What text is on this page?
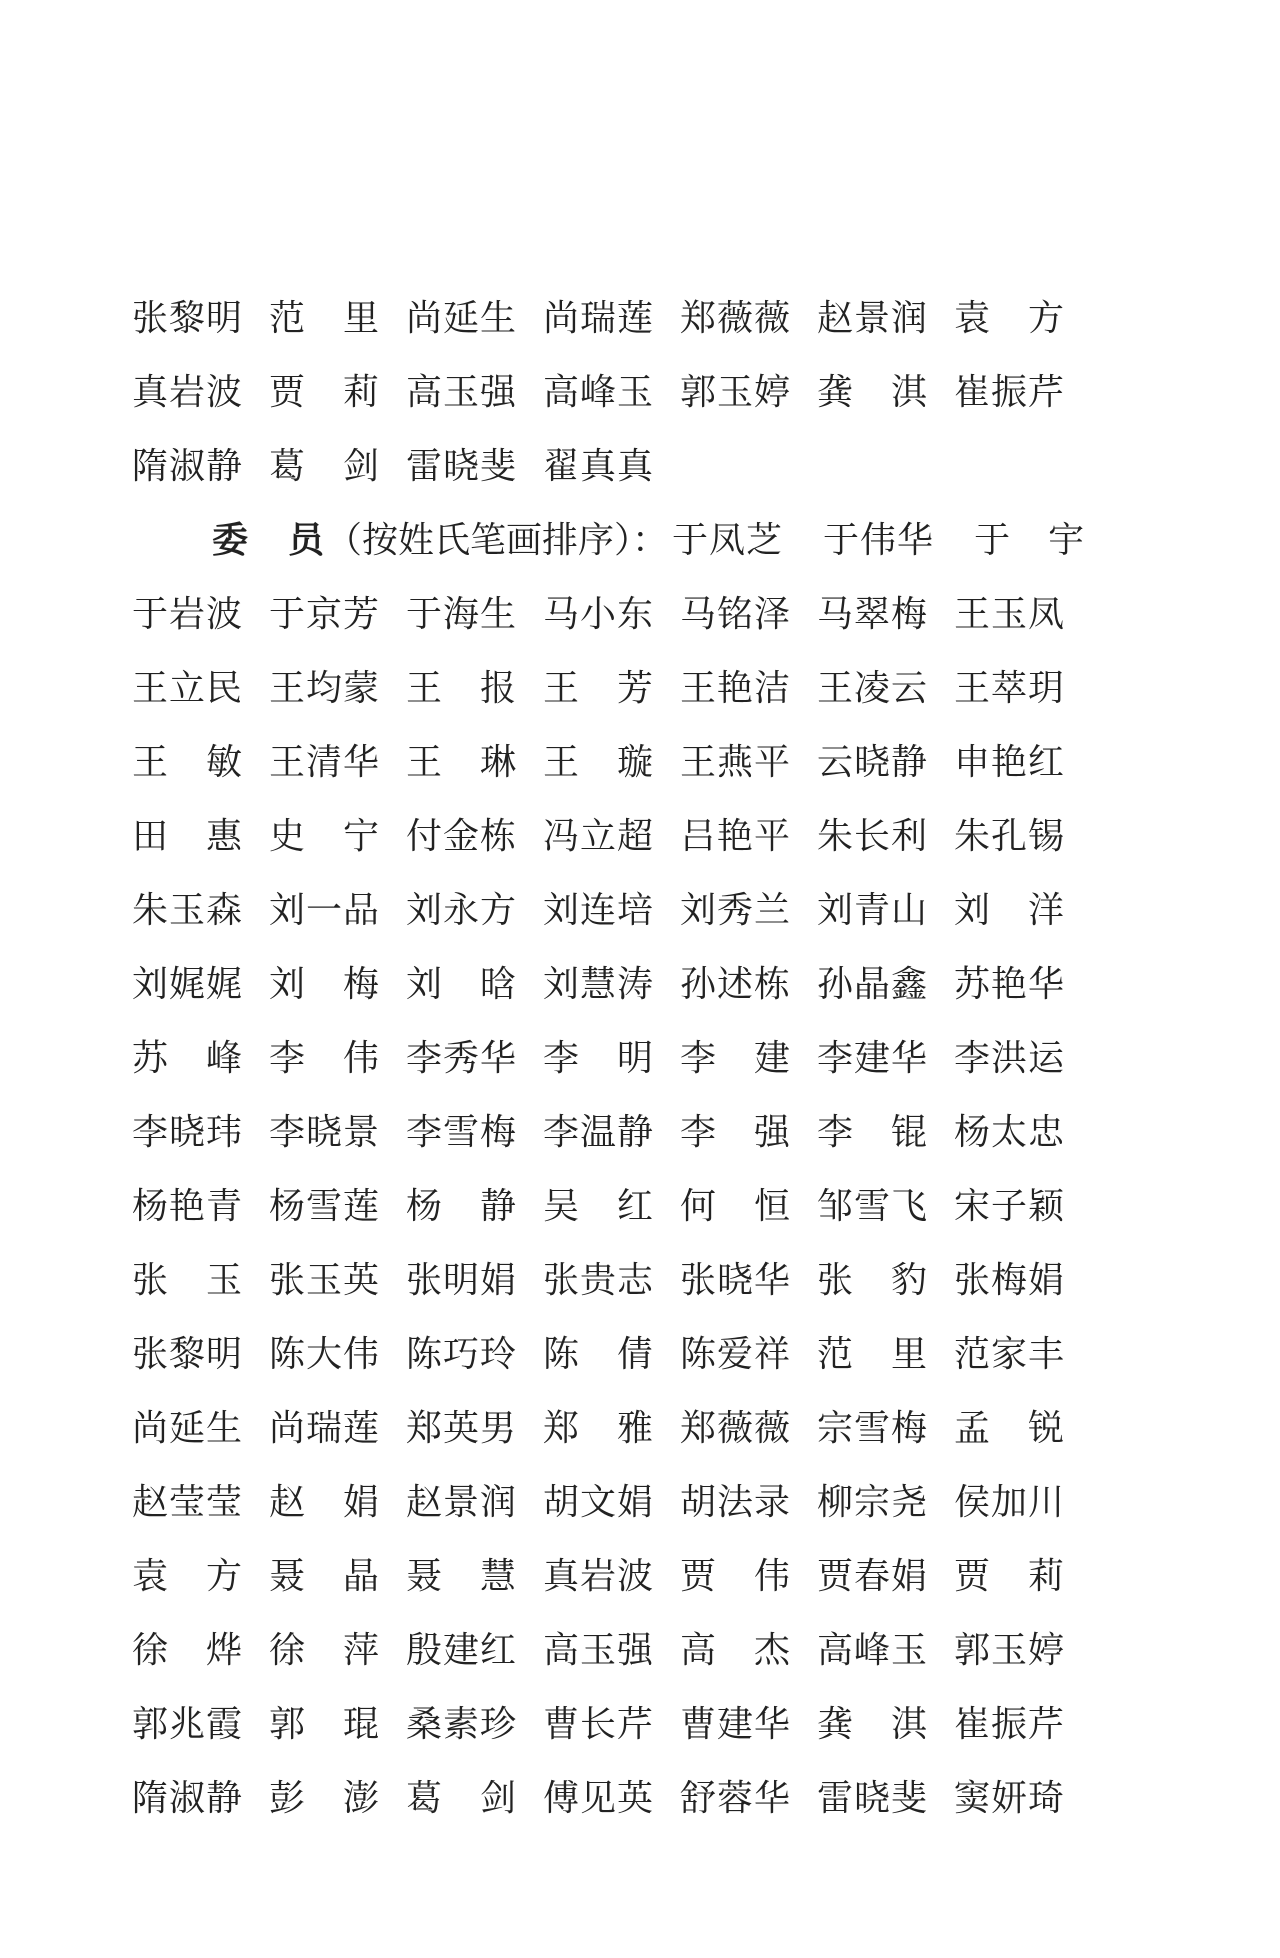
张黎明 范　里 尚延生 尚瑞莲 郑薇薇 赵景润 袁　方
真岩波 贾　莉 高玉强 高峰玉 郭玉婷 龚　淇 崔振芹
隋淑静 葛　剑 雷晓斐 翟真真
委　员 （按姓氏笔画排序）： 于凤芝 于伟华 于　宇
于岩波 于京芳 于海生 马小东 马铭泽 马翠梅 王玉凤
王立民 王均蒙 王　报 王　芳 王艳洁 王凌云 王萃玥
王　敏 王清华 王　琳 王　璇 王燕平 云晓静 申艳红
田　惠 史　宁 付金栋 冯立超 吕艳平 朱长利 朱孔锡
朱玉森 刘一品 刘永方 刘连培 刘秀兰 刘青山 刘　洋
刘娓娓 刘　梅 刘　晗 刘慧涛 孙述栋 孙晶鑫 苏艳华
苏　峰 李　伟 李秀华 李　明 李　建 李建华 李洪运
李晓玮 李晓景 李雪梅 李温静 李　强 李　锟 杨太忠
杨艳青 杨雪莲 杨　静 吴　红 何　恒 邹雪飞 宋子颖
张　玉 张玉英 张明娟 张贵志 张晓华 张　豹 张梅娟
张黎明 陈大伟 陈巧玲 陈　倩 陈爱祥 范　里 范家丰
尚延生 尚瑞莲 郑英男 郑　雅 郑薇薇 宗雪梅 孟　锐
赵莹莹 赵　娟 赵景润 胡文娟 胡法录 柳宗尧 侯加川
袁　方 聂　晶 聂　慧 真岩波 贾　伟 贾春娟 贾　莉
徐　烨 徐　萍 殷建红 高玉强 高　杰 高峰玉 郭玉婷
郭兆霞 郭　琨 桑素珍 曹长芹 曹建华 龚　淇 崔振芹
隋淑静 彭　澎 葛　剑 傅见英 舒蓉华 雷晓斐 窦妍琦
